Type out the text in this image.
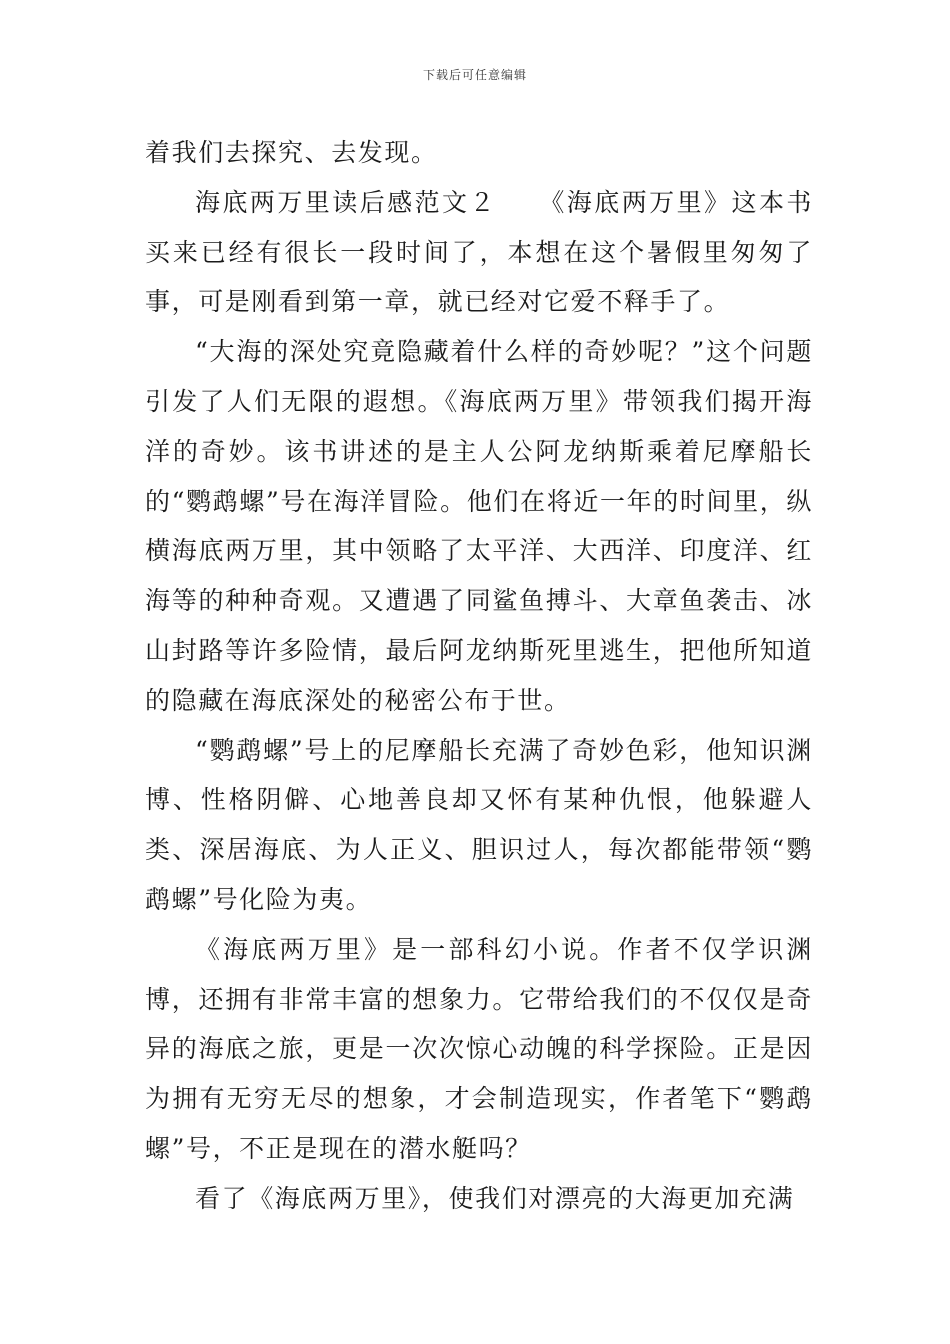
下载后可任意编辑

着我们去探究、去发现。

海底两万里读后感范文２　　《海底两万里》这本书买来已经有很长一段时间了，本想在这个暑假里匆匆了事，可是刚看到第一章，就已经对它爱不释手了。

“大海的深处究竟隐藏着什么样的奇妙呢？”这个问题引发了人们无限的遐想。《海底两万里》带领我们揭开海洋的奇妙。该书讲述的是主人公阿龙纳斯乘着尼摩船长的“鹦鹉螺”号在海洋冒险。他们在将近一年的时间里，纵横海底两万里，其中领略了太平洋、大西洋、印度洋、红海等的种种奇观。又遭遇了同鲨鱼搏斗、大章鱼袭击、冰山封路等许多险情，最后阿龙纳斯死里逃生，把他所知道的隐藏在海底深处的秘密公布于世。

“鹦鹉螺”号上的尼摩船长充满了奇妙色彩，他知识渊博、性格阴僻、心地善良却又怀有某种仇恨，他躲避人类、深居海底、为人正义、胆识过人，每次都能带领“鹦鹉螺”号化险为夷。

《海底两万里》是一部科幻小说。作者不仅学识渊博，还拥有非常丰富的想象力。它带给我们的不仅仅是奇异的海底之旅，更是一次次惊心动魄的科学探险。正是因为拥有无穷无尽的想象，才会制造现实，作者笔下“鹦鹉螺”号，不正是现在的潜水艇吗？

看了《海底两万里》，使我们对漂亮的大海更加充满
